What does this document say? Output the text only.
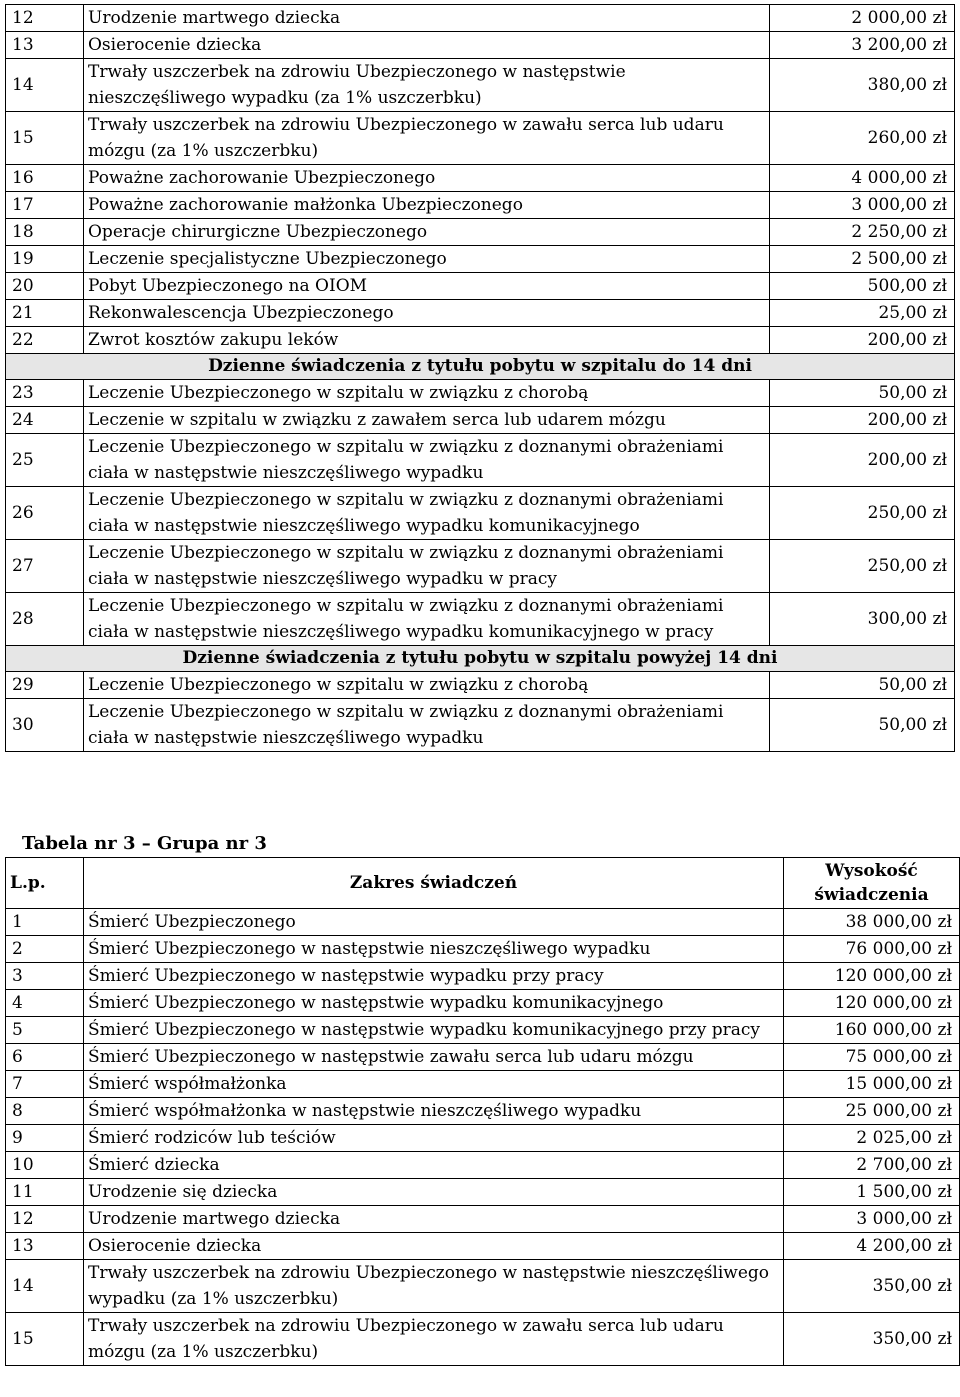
12	Urodzenie martwego dziecka	2 000,00 zł
13	Osierocenie dziecka	3 200,00 zł
14	Trwały uszczerbek na zdrowiu Ubezpieczonego w następstwie nieszczęśliwego wypadku (za 1% uszczerbku)	380,00 zł
15	Trwały uszczerbek na zdrowiu Ubezpieczonego w zawału serca lub udaru mózgu (za 1% uszczerbku)	260,00 zł
16	Poważne zachorowanie Ubezpieczonego	4 000,00 zł
17	Poważne zachorowanie małżonka Ubezpieczonego	3 000,00 zł
18	Operacje chirurgiczne Ubezpieczonego	2 250,00 zł
19	Leczenie specjalistyczne Ubezpieczonego	2 500,00 zł
20	Pobyt Ubezpieczonego na OIOM	500,00 zł
21	Rekonwalescencja Ubezpieczonego	25,00 zł
22	Zwrot kosztów zakupu leków	200,00 zł
Dzienne świadczenia z tytułu pobytu w szpitalu do 14 dni		
23	Leczenie Ubezpieczonego w szpitalu w związku z chorobą	50,00 zł
24	Leczenie w szpitalu w związku z zawałem serca lub udarem mózgu	200,00 zł
25	Leczenie Ubezpieczonego w szpitalu w związku z doznanymi obrażeniami ciała w następstwie nieszczęśliwego wypadku	200,00 zł
26	Leczenie Ubezpieczonego w szpitalu w związku z doznanymi obrażeniami ciała w następstwie nieszczęśliwego wypadku komunikacyjnego	250,00 zł
27	Leczenie Ubezpieczonego w szpitalu w związku z doznanymi obrażeniami ciała w następstwie nieszczęśliwego wypadku w pracy	250,00 zł
28	Leczenie Ubezpieczonego w szpitalu w związku z doznanymi obrażeniami ciała w następstwie nieszczęśliwego wypadku komunikacyjnego w pracy	300,00 zł
Dzienne świadczenia z tytułu pobytu w szpitalu powyżej 14 dni		
29	Leczenie Ubezpieczonego w szpitalu w związku z chorobą	50,00 zł
30	Leczenie Ubezpieczonego w szpitalu w związku z doznanymi obrażeniami ciała w następstwie nieszczęśliwego wypadku	50,00 zł
Tabela nr 3 – Grupa nr 3
L.p.	Zakres świadczeń	Wysokość świadczenia
1	Śmierć Ubezpieczonego	38 000,00 zł
2	Śmierć Ubezpieczonego w następstwie nieszczęśliwego wypadku	76 000,00 zł
3	Śmierć Ubezpieczonego w następstwie wypadku przy pracy	120 000,00 zł
4	Śmierć Ubezpieczonego w następstwie wypadku komunikacyjnego	120 000,00 zł
5	Śmierć Ubezpieczonego w następstwie wypadku komunikacyjnego przy pracy	160 000,00 zł
6	Śmierć Ubezpieczonego w następstwie zawału serca lub udaru mózgu	75 000,00 zł
7	Śmierć współmałżonka	15 000,00 zł
8	Śmierć współmałżonka w następstwie nieszczęśliwego wypadku	25 000,00 zł
9	Śmierć rodziców lub teściów	2 025,00 zł
10	Śmierć dziecka	2 700,00 zł
11	Urodzenie się dziecka	1 500,00 zł
12	Urodzenie martwego dziecka	3 000,00 zł
13	Osierocenie dziecka	4 200,00 zł
14	Trwały uszczerbek na zdrowiu Ubezpieczonego w następstwie nieszczęśliwego wypadku (za 1% uszczerbku)	350,00 zł
15	Trwały uszczerbek na zdrowiu Ubezpieczonego w zawału serca lub udaru mózgu (za 1% uszczerbku)	350,00 zł
